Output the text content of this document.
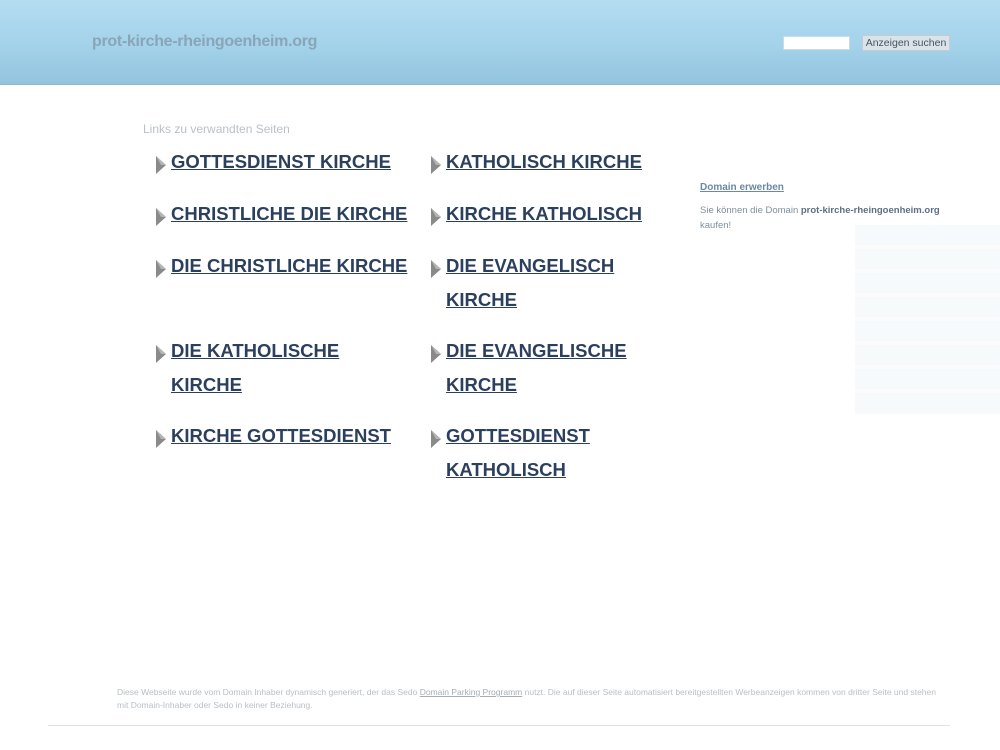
prot-kirche-rheingoenheim.org	Anzeigen suchen
Links zu verwandten Seiten
GOTTESDIENST KIRCHE
CHRISTLICHE DIE KIRCHE
DIE CHRISTLICHE KIRCHE
DIE KATHOLISCHE KIRCHE
KIRCHE GOTTESDIENST
KATHOLISCH KIRCHE
KIRCHE KATHOLISCH
DIE EVANGELISCH KIRCHE
DIE EVANGELISCHE KIRCHE
GOTTESDIENST KATHOLISCH
Domain erwerben
Sie können die Domain prot-kirche-rheingoenheim.org
kaufen!
Diese Webseite wurde vom Domain Inhaber dynamisch generiert, der das Sedo Domain Parking Programm nutzt. Die auf dieser Seite automatisiert bereitgestellten Werbeanzeigen kommen von dritter Seite und stehen mit Domain-Inhaber oder Sedo in keiner Beziehung.
